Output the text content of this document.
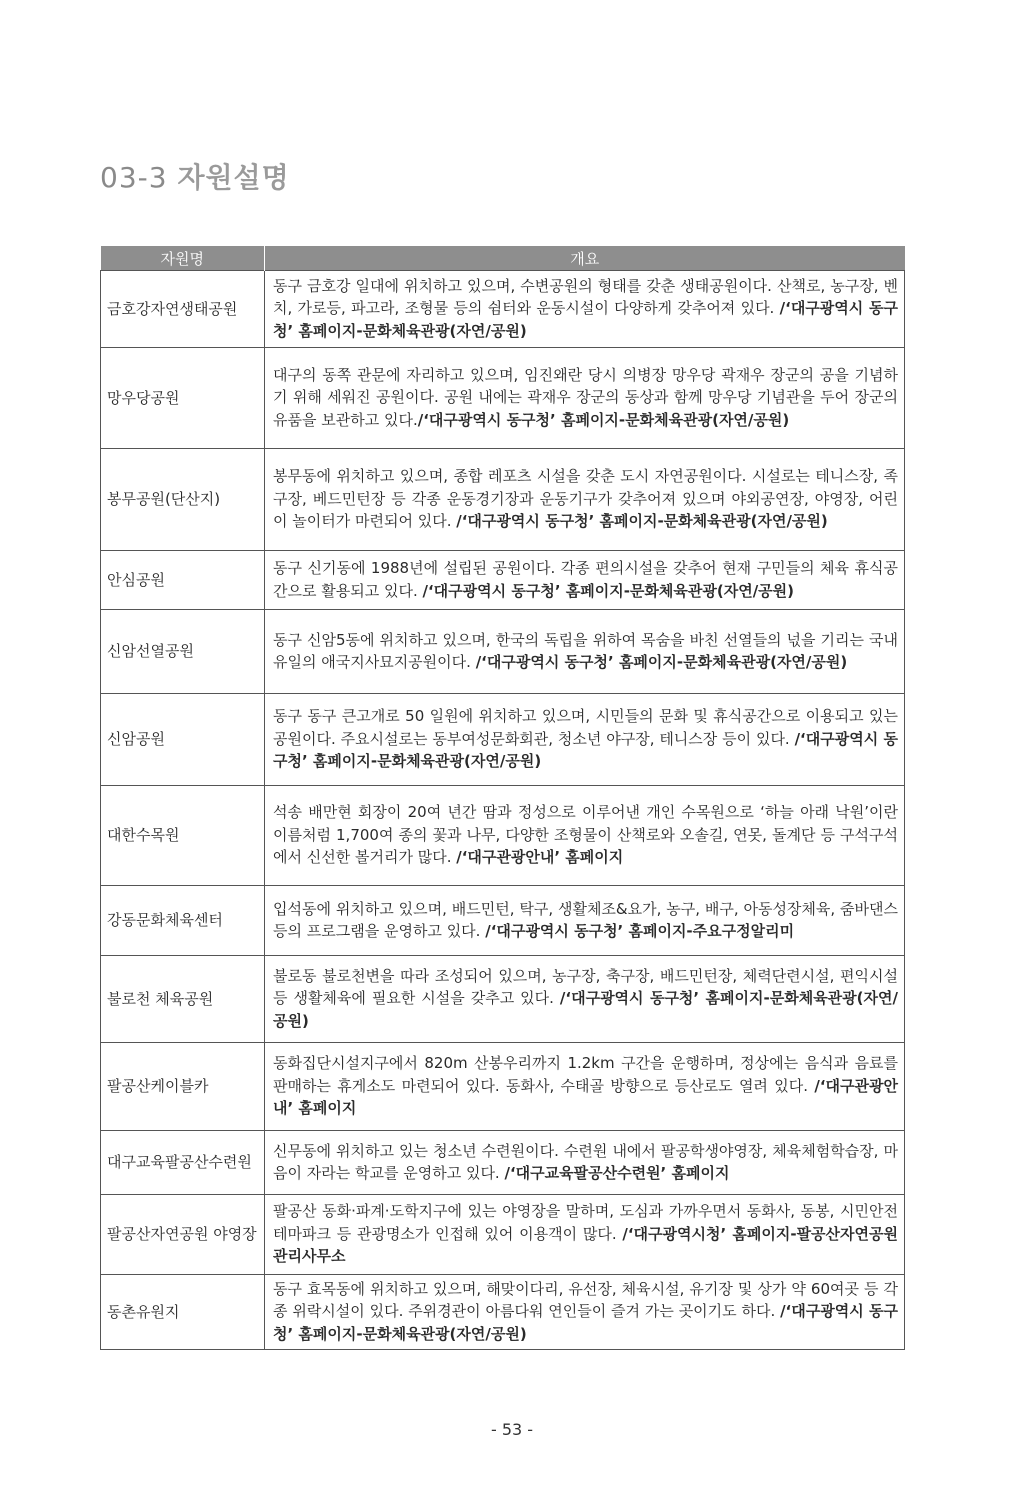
03-3 자원설명
자원명	개요
금호강자연생태공원	동구 금호강 일대에 위치하고 있으며, 수변공원의 형태를 갖춘 생태공원이다. 산책로, 농구장, 벤치, 가로등, 파고라, 조형물 등의 쉼터와 운동시설이 다양하게 갖추어져 있다. /‘대구광역시 동구청’ 홈페이지-문화체육관광(자연/공원)
망우당공원	대구의 동쪽 관문에 자리하고 있으며, 임진왜란 당시 의병장 망우당 곽재우 장군의 공을 기념하기 위해 세워진 공원이다. 공원 내에는 곽재우 장군의 동상과 함께 망우당 기념관을 두어 장군의 유품을 보관하고 있다./‘대구광역시 동구청’ 홈페이지-문화체육관광(자연/공원)
봉무공원(단산지)	봉무동에 위치하고 있으며, 종합 레포츠 시설을 갖춘 도시 자연공원이다. 시설로는 테니스장, 족구장, 베드민턴장 등 각종 운동경기장과 운동기구가 갖추어져 있으며 야외공연장, 야영장, 어린이 놀이터가 마련되어 있다. /‘대구광역시 동구청’ 홈페이지-문화체육관광(자연/공원)
안심공원	동구 신기동에 1988년에 설립된 공원이다. 각종 편의시설을 갖추어 현재 구민들의 체육 휴식공간으로 활용되고 있다. /‘대구광역시 동구청’ 홈페이지-문화체육관광(자연/공원)
신암선열공원	동구 신암5동에 위치하고 있으며, 한국의 독립을 위하여 목숨을 바친 선열들의 넋을 기리는 국내 유일의 애국지사묘지공원이다. /‘대구광역시 동구청’ 홈페이지-문화체육관광(자연/공원)
신암공원	동구 동구 큰고개로 50 일원에 위치하고 있으며, 시민들의 문화 및 휴식공간으로 이용되고 있는 공원이다. 주요시설로는 동부여성문화회관, 청소년 야구장, 테니스장 등이 있다. /‘대구광역시 동구청’ 홈페이지-문화체육관광(자연/공원)
대한수목원	석송 배만현 회장이 20여 년간 땀과 정성으로 이루어낸 개인 수목원으로 ‘하늘 아래 낙원’이란 이름처럼 1,700여 종의 꽃과 나무, 다양한 조형물이 산책로와 오솔길, 연못, 돌계단 등 구석구석에서 신선한 볼거리가 많다. /‘대구관광안내’ 홈페이지
강동문화체육센터	입석동에 위치하고 있으며, 배드민턴, 탁구, 생활체조&요가, 농구, 배구, 아동성장체육, 줌바댄스 등의 프로그램을 운영하고 있다. /‘대구광역시 동구청’ 홈페이지-주요구정알리미
불로천 체육공원	불로동 불로천변을 따라 조성되어 있으며, 농구장, 축구장, 배드민턴장, 체력단련시설, 편익시설 등 생활체육에 필요한 시설을 갖추고 있다. /‘대구광역시 동구청’ 홈페이지-문화체육관광(자연/공원)
팔공산케이블카	동화집단시설지구에서 820m 산봉우리까지 1.2km 구간을 운행하며, 정상에는 음식과 음료를 판매하는 휴게소도 마련되어 있다. 동화사, 수태골 방향으로 등산로도 열려 있다. /‘대구관광안내’ 홈페이지
대구교육팔공산수련원	신무동에 위치하고 있는 청소년 수련원이다. 수련원 내에서 팔공학생야영장, 체육체험학습장, 마음이 자라는 학교를 운영하고 있다. /‘대구교육팔공산수련원’ 홈페이지
팔공산자연공원 야영장	팔공산 동화·파계·도학지구에 있는 야영장을 말하며, 도심과 가까우면서 동화사, 동봉, 시민안전테마파크 등 관광명소가 인접해 있어 이용객이 많다. /‘대구광역시청’ 홈페이지-팔공산자연공원관리사무소
동촌유원지	동구 효목동에 위치하고 있으며, 해맞이다리, 유선장, 체육시설, 유기장 및 상가 약 60여곳 등 각종 위락시설이 있다. 주위경관이 아름다워 연인들이 즐겨 가는 곳이기도 하다. /‘대구광역시 동구청’ 홈페이지-문화체육관광(자연/공원)
- 53 -
